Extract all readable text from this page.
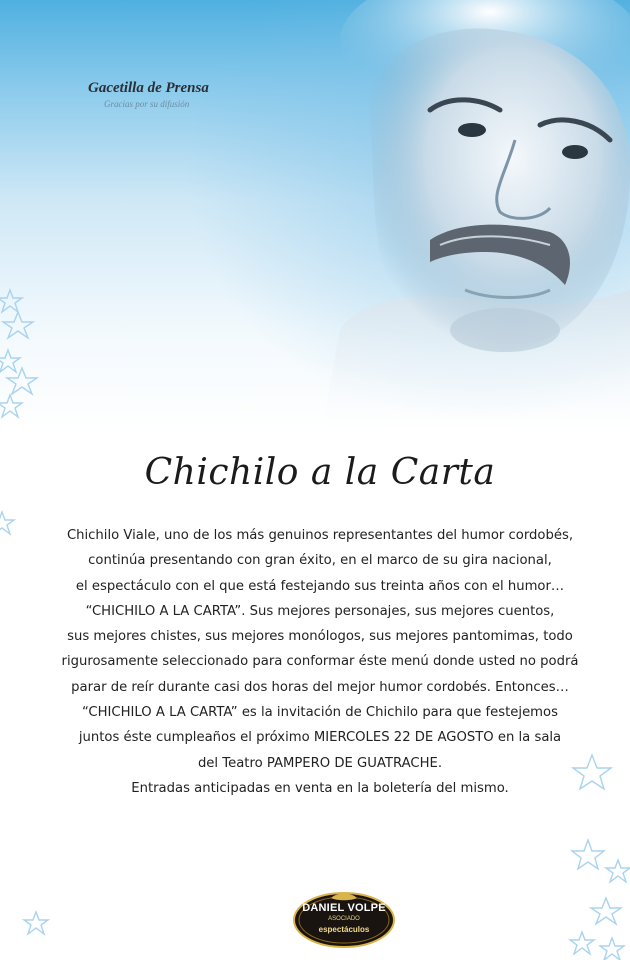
Gacetilla de Prensa
Gracias por su difusión
Chichilo a la Carta
Chichilo Viale, uno de los más genuinos representantes del humor cordobés,
continúa presentando con gran éxito, en el marco de su gira nacional,
el espectáculo con el que está festejando sus treinta años con el humor…
“CHICHILO A LA CARTA”. Sus mejores personajes, sus mejores cuentos,
sus mejores chistes, sus mejores monólogos, sus mejores pantomimas, todo
rigurosamente seleccionado para conformar éste menú donde usted no podrá
parar de reír durante casi dos horas del mejor humor cordobés. Entonces…
“CHICHILO A LA CARTA” es la invitación de Chichilo para que festejemos
juntos éste cumpleaños el próximo MIERCOLES 22 DE AGOSTO en la sala
del Teatro PAMPERO DE GUATRACHE.
Entradas anticipadas en venta en la boletería del mismo.
DANIEL VOLPE
ASOCIADO
espectáculos
